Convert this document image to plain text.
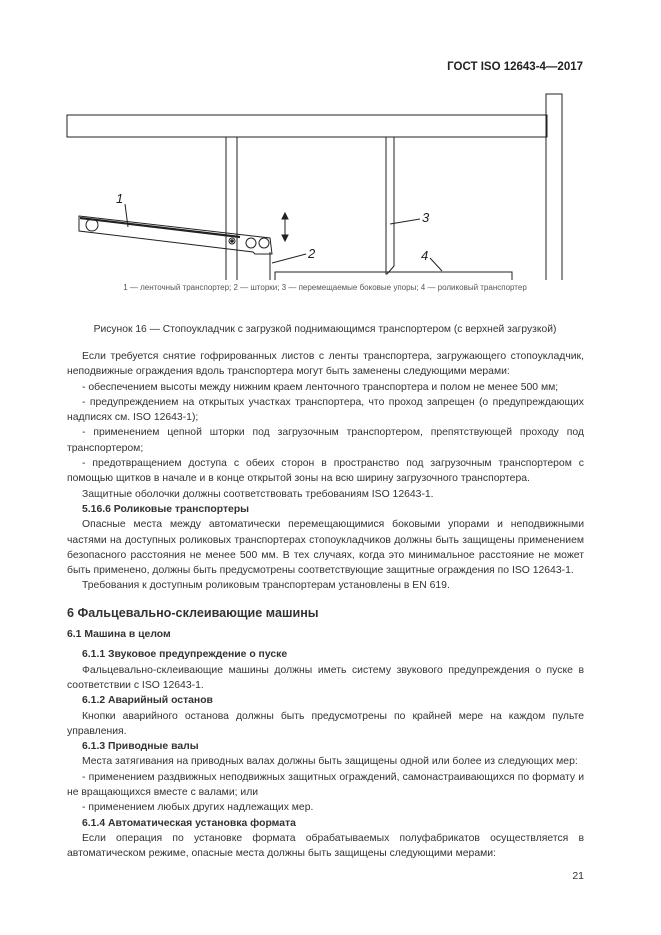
ГОСТ ISO 12643-4—2017
1
2
3
4
1 — ленточный транспортер; 2 — шторки; 3 — перемещаемые боковые упоры; 4 — роликовый транспортер
Рисунок 16 — Стопоукладчик с загрузкой поднимающимся транспортером (с верхней загрузкой)

Если требуется снятие гофрированных листов с ленты транспортера, загружающего стопоукладчик, неподвижные ограждения вдоль транспортера могут быть заменены следующими мерами:

- обеспечением высоты между нижним краем ленточного транспортера и полом не менее 500 мм;

- предупреждением на открытых участках транспортера, что проход запрещен (о предупреждающих надписях см. ISO 12643-1);

- применением цепной шторки под загрузочным транспортером, препятствующей проходу под транспортером;

- предотвращением доступа с обеих сторон в пространство под загрузочным транспортером с помощью щитков в начале и в конце открытой зоны на всю ширину загрузочного транспортера.

Защитные оболочки должны соответствовать требованиям ISO 12643-1.

5.16.6 Роликовые транспортеры

Опасные места между автоматически перемещающимися боковыми упорами и неподвижными частями на доступных роликовых транспортерах стопоукладчиков должны быть защищены применением безопасного расстояния не менее 500 мм. В тех случаях, когда это минимальное расстояние не может быть применено, должны быть предусмотрены соответствующие защитные ограждения по ISO 12643-1.

Требования к доступным роликовым транспортерам установлены в EN 619.

6 Фальцевально-склеивающие машины

6.1 Машина в целом

6.1.1 Звуковое предупреждение о пуске

Фальцевально-склеивающие машины должны иметь систему звукового предупреждения о пуске в соответствии с ISO 12643-1.

6.1.2 Аварийный останов

Кнопки аварийного останова должны быть предусмотрены по крайней мере на каждом пульте управления.

6.1.3 Приводные валы

Места затягивания на приводных валах должны быть защищены одной или более из следующих мер:

- применением раздвижных неподвижных защитных ограждений, самонастраивающихся по формату и не вращающихся вместе с валами; или

- применением любых других надлежащих мер.

6.1.4 Автоматическая установка формата

Если операция по установке формата обрабатываемых полуфабрикатов осуществляется в автоматическом режиме, опасные места должны быть защищены следующими мерами:

21
